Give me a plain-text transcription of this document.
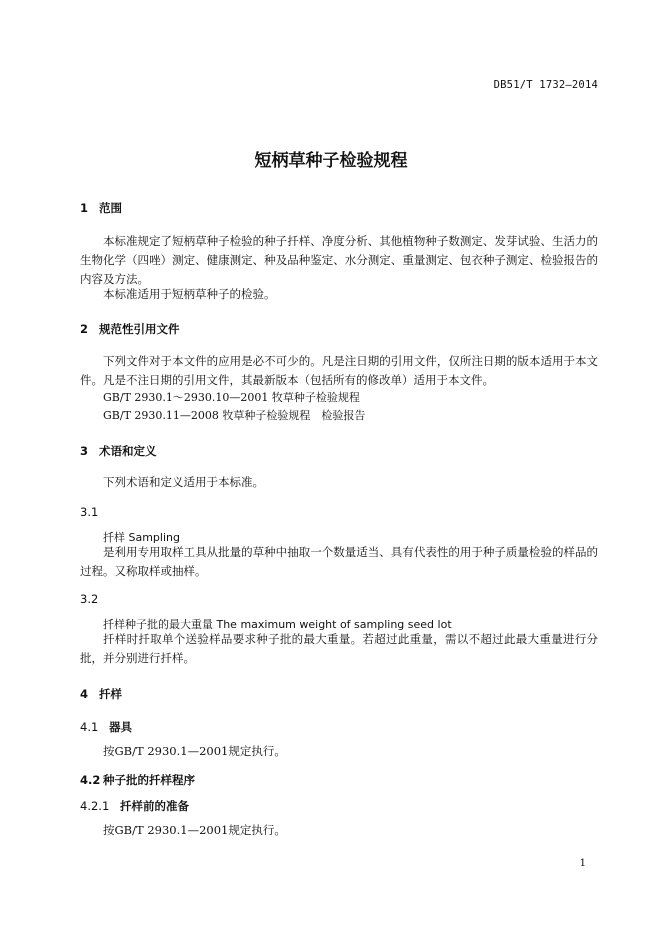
DB51/T 1732—2014
短柄草种子检验规程
1 范围
本标准规定了短柄草种子检验的种子扦样、净度分析、其他植物种子数测定、发芽试验、生活力的生物化学（四唑）测定、健康测定、种及品种鉴定、水分测定、重量测定、包衣种子测定、检验报告的内容及方法。
本标准适用于短柄草种子的检验。
2 规范性引用文件
下列文件对于本文件的应用是必不可少的。凡是注日期的引用文件，仅所注日期的版本适用于本文件。凡是不注日期的引用文件，其最新版本（包括所有的修改单）适用于本文件。
GB/T 2930.1～2930.10—2001 牧草种子检验规程
GB/T 2930.11—2008 牧草种子检验规程　检验报告
3 术语和定义
下列术语和定义适用于本标准。
3.1
扦样 Sampling
是利用专用取样工具从批量的草种中抽取一个数量适当、具有代表性的用于种子质量检验的样品的过程。又称取样或抽样。
3.2
扦样种子批的最大重量 The maximum weight of sampling seed lot
扦样时扦取单个送验样品要求种子批的最大重量。若超过此重量，需以不超过此最大重量进行分批，并分别进行扦样。
4 扦样
4.1 器具
按GB/T 2930.1—2001规定执行。
4.2 种子批的扦样程序
4.2.1 扦样前的准备
按GB/T 2930.1—2001规定执行。
1
